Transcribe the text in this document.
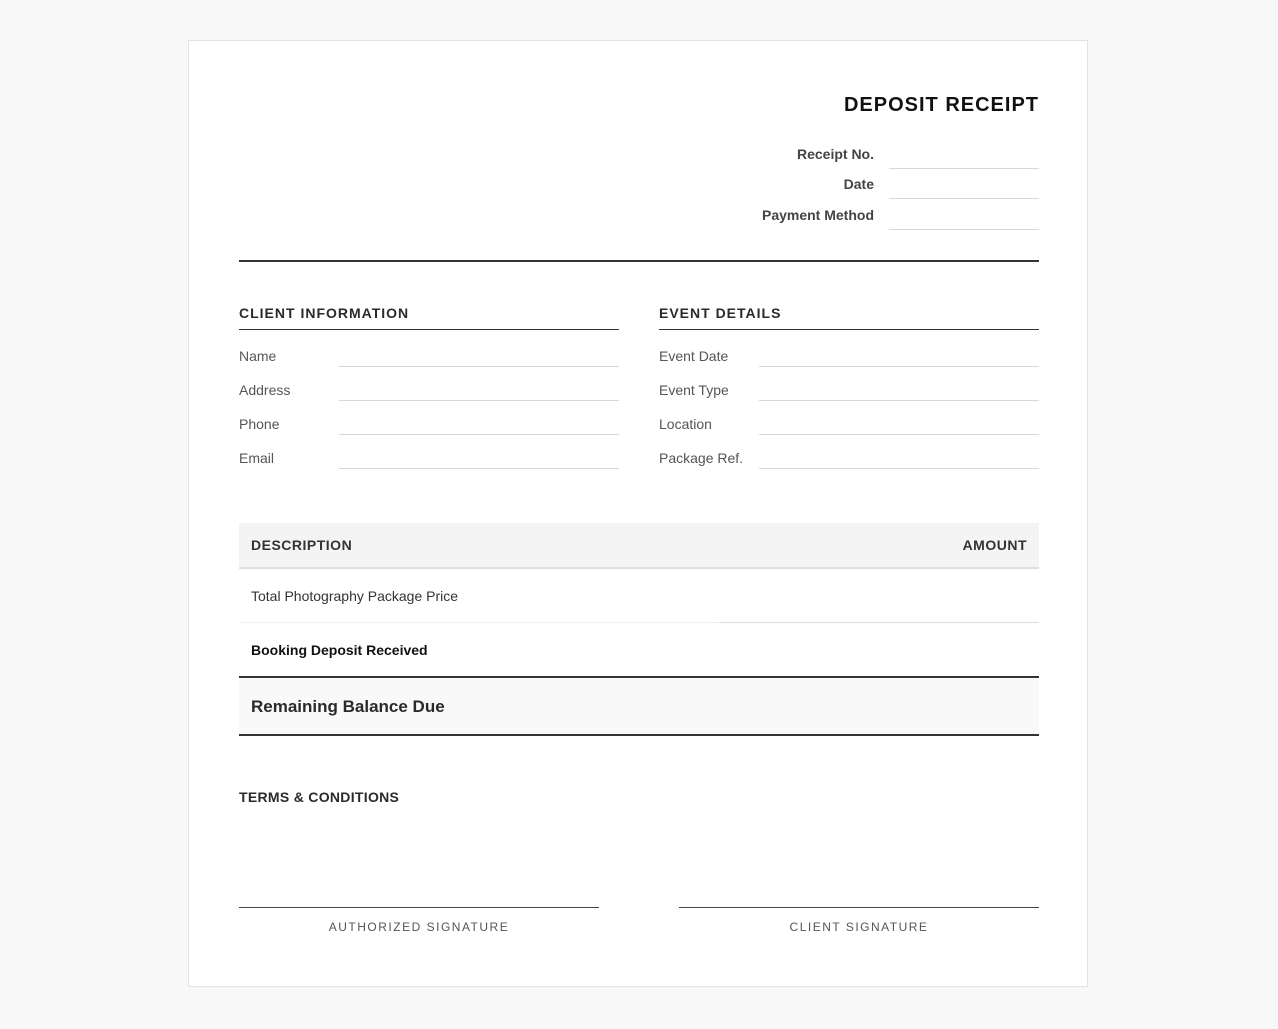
DEPOSIT RECEIPT
Receipt No.
Date
Payment Method
CLIENT INFORMATION
Name
Address
Phone
Email
EVENT DETAILS
Event Date
Event Type
Location
Package Ref.
DESCRIPTION	AMOUNT
Total Photography Package Price
Booking Deposit Received
Remaining Balance Due
TERMS & CONDITIONS
AUTHORIZED SIGNATURE	CLIENT SIGNATURE
